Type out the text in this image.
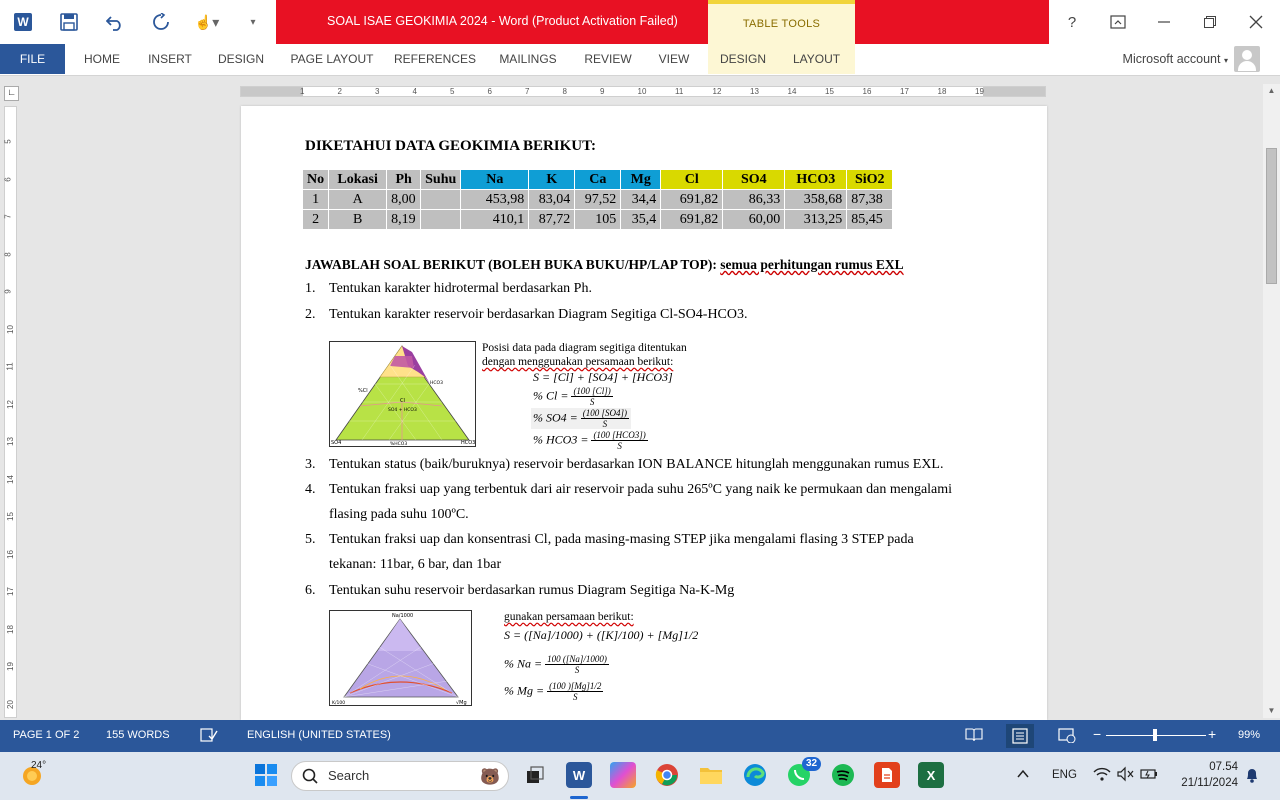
W	☝▾	▾	SOAL ISAE GEOKIMIA 2024 - Word (Product Activation Failed)	TABLE TOOLS	?
FILE	HOME	INSERT	DESIGN	PAGE LAYOUT	REFERENCES	MAILINGS	REVIEW	VIEW	DESIGN	LAYOUT	Microsoft account ▾
∟	1	2	3	4	5	6	7	8	9	10	11	12	13	14	15	16	17	18	19
5
6
7
8
9
10
11
12
13
14
15
16
17
18
19
20
DIKETAHUI DATA GEOKIMIA BERIKUT:
No	Lokasi	Ph	Suhu	Na	K	Ca	Mg	Cl	SO4	HCO3	SiO2
1	A	8,00		453,98	83,04	97,52	34,4	691,82	86,33	358,68	87,38
2	B	8,19		410,1	87,72	105	35,4	691,82	60,00	313,25	85,45
JAWABLAH SOAL BERIKUT (BOLEH BUKA BUKU/HP/LAP TOP): semua perhitungan rumus EXL
1. Tentukan karakter hidrotermal berdasarkan Ph.
2. Tentukan karakter reservoir berdasarkan Diagram Segitiga Cl-SO4-HCO3.
3. Tentukan status (baik/buruknya) reservoir berdasarkan ION BALANCE hitunglah menggunakan rumus EXL.
4. Tentukan fraksi uap yang terbentuk dari air reservoir pada suhu 265ºC yang naik ke permukaan dan mengalami
flasing pada suhu 100ºC.
5. Tentukan fraksi uap dan konsentrasi Cl, pada masing-masing STEP jika mengalami flasing 3 STEP pada
tekanan: 11bar, 6 bar, dan 1bar
6. Tentukan suhu reservoir berdasarkan rumus Diagram Segitiga Na-K-Mg
Cl
SO4 + HCO3
%Cl
SO4	HCO3
%HCO3
HCO3
Posisi data pada diagram segitiga ditentukan
dengan menggunakan persamaan berikut:
S = [Cl] + [SO4] + [HCO3]
% $Cl = \frac{(100 [Cl])}{S}$
% $SO4 = \frac{(100 [SO4])}{S}$
% $HCO3 = \frac{\text{(100 [HCO3])}}{S}$
Na/1000
K/100	√Mg
gunakan persamaan berikut:
S = ([Na]/1000) + ([K]/100) + [Mg]1/2
% $Na = \frac{100 ([Na]/1000)}{S}$
% $Mg = \frac{(100 )[Mg]1/2}{S}$
▲
▼
PAGE 1 OF 2 155 WORDS	ENGLISH (UNITED STATES)	−	+ 99%
24°
Search	🐻	W
32
X	ENG
07.54
21/11/2024
